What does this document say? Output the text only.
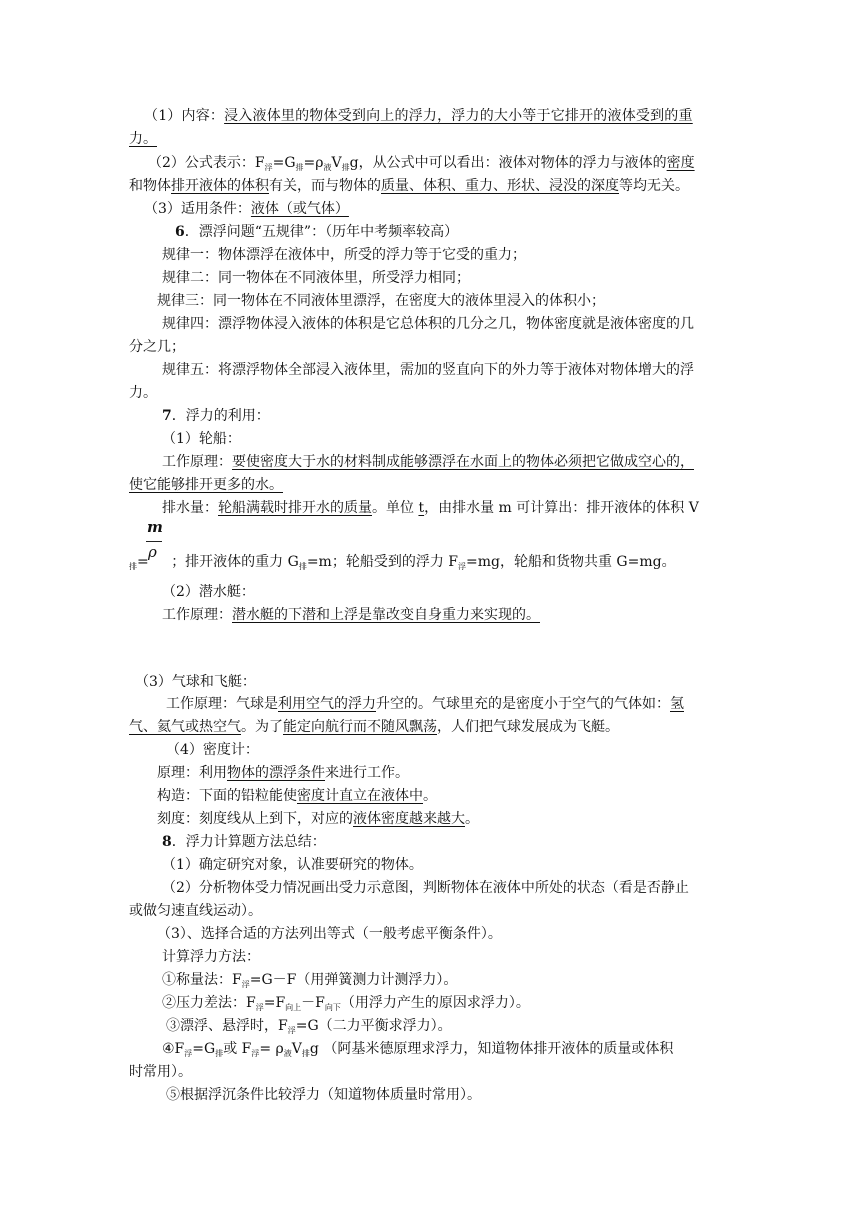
（1）内容：浸入液体里的物体受到向上的浮力，浮力的大小等于它排开的液体受到的重
力。
（2）公式表示：$F_浮=G_排=\rho_液V_排g$，从公式中可以看出：液体对物体的浮力与液体的密度
和物体排开液体的体积有关，而与物体的质量、体积、重力、形状、浸没的深度等均无关。
（3）适用条件：液体（或气体）
6．漂浮问题“五规律”：（历年中考频率较高）
规律一：物体漂浮在液体中，所受的浮力等于它受的重力；
规律二：同一物体在不同液体里，所受浮力相同；
规律三：同一物体在不同液体里漂浮，在密度大的液体里浸入的体积小；
规律四：漂浮物体浸入液体的体积是它总体积的几分之几，物体密度就是液体密度的几
分之几；
规律五：将漂浮物体全部浸入液体里，需加的竖直向下的外力等于液体对物体增大的浮
力。
7．浮力的利用：
（1）轮船：
工作原理：要使密度大于水的材料制成能够漂浮在水面上的物体必须把它做成空心的，
使它能够排开更多的水。
排水量：轮船满载时排开水的质量。单位 t，由排水量 m 可计算出：排开液体的体积 V
m
ρ
$_排$= ；排开液体的重力 $G_排=m$；轮船受到的浮力 $F_浮=mg$，轮船和货物共重 G=mg。
（2）潜水艇：
工作原理：潜水艇的下潜和上浮是靠改变自身重力来实现的。
（3）气球和飞艇：
工作原理：气球是利用空气的浮力升空的。气球里充的是密度小于空气的气体如：氢
气、氦气或热空气。为了能定向航行而不随风飘荡，人们把气球发展成为飞艇。
（4）密度计：
原理：利用物体的漂浮条件来进行工作。
构造：下面的铅粒能使密度计直立在液体中。
刻度：刻度线从上到下，对应的液体密度越来越大。
8．浮力计算题方法总结：
（1）确定研究对象，认准要研究的物体。
（2）分析物体受力情况画出受力示意图，判断物体在液体中所处的状态（看是否静止
或做匀速直线运动）。
（3）、选择合适的方法列出等式（一般考虑平衡条件）。
计算浮力方法：
①称量法：$F_浮=G-F$（用弹簧测力计测浮力）。
②压力差法：$F_浮=F_{向上}-F_{向下}$（用浮力产生的原因求浮力）。
③漂浮、悬浮时，$F_浮=G$（二力平衡求浮力）。
$④F_浮=G_排$或 $F_浮= \rho_液V_排g$ （阿基米德原理求浮力，知道物体排开液体的质量或体积
时常用）。
⑤根据浮沉条件比较浮力（知道物体质量时常用）。
